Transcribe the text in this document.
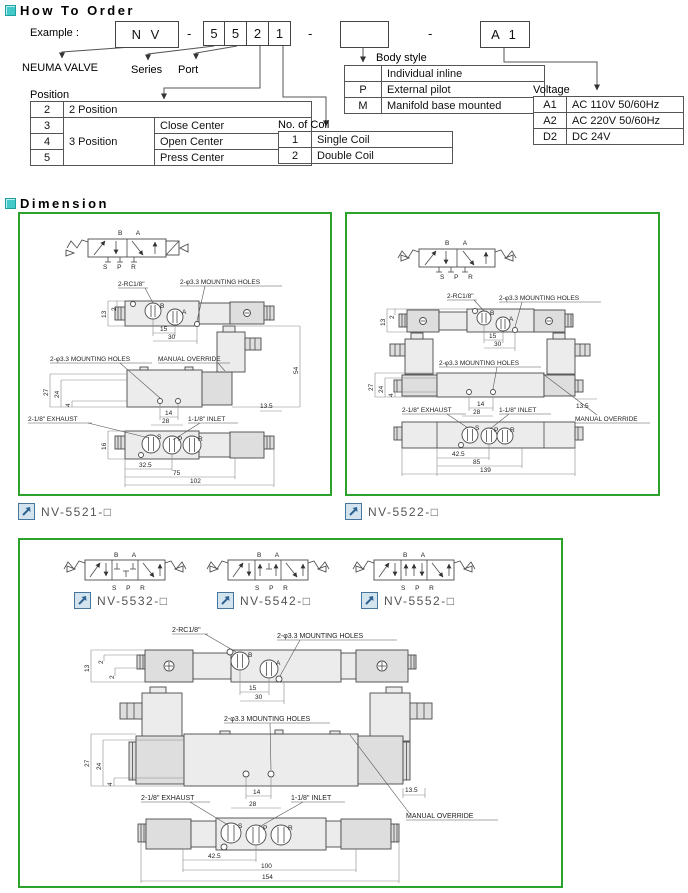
How To Order
Example :	N V	-	5	5	2	1	-	-	A 1
NEUMA VALVE	Series Port
Position
2	2 Position	
3	3 Position	Close Center
4		Open Center
5		Press Center
No. of Coil
1	Single Coil
2	Double Coil
Body style
	Individual inline
P	External pilot
M	Manifold base mounted
Voltage
A1	AC 110V 50/60Hz
A2	AC 220V 50/60Hz
D2	DC 24V
Dimension
B A
S P R
B
A
13
2
15
30
2-RC1/8"	2-φ3.3 MOUNTING HOLES
54
27 24
4	13.5
2-φ3.3 MOUNTING HOLES	MANUAL OVERRIDE
S	P R
16
32.5
75
102
2-1/8" EXHAUST
14
28	1-1/8" INLET
B A
S P R
B
A
13
2
15
30
2-RC1/8"	2-φ3.3 MOUNTING HOLES
27 24
4
2-φ3.3 MOUNTING HOLES
13.5
MANUAL OVERRIDE
S P R
2-1/8" EXHAUST
14
28	1-1/8" INLET
42.5
85
139
NV-5521-□	NV-5522-□
B A
S P R
B A
S P R
B A
S P R
B
A
13
2
2
15
30
2-RC1/8"
2-φ3.3 MOUNTING HOLES
27 24
4
2-φ3.3 MOUNTING HOLES
13.5
MANUAL OVERRIDE
S	P	R
2-1/8" EXHAUST
14
28
1-1/8" INLET
42.5
100
154
NV-5532-□	NV-5542-□	NV-5552-□
